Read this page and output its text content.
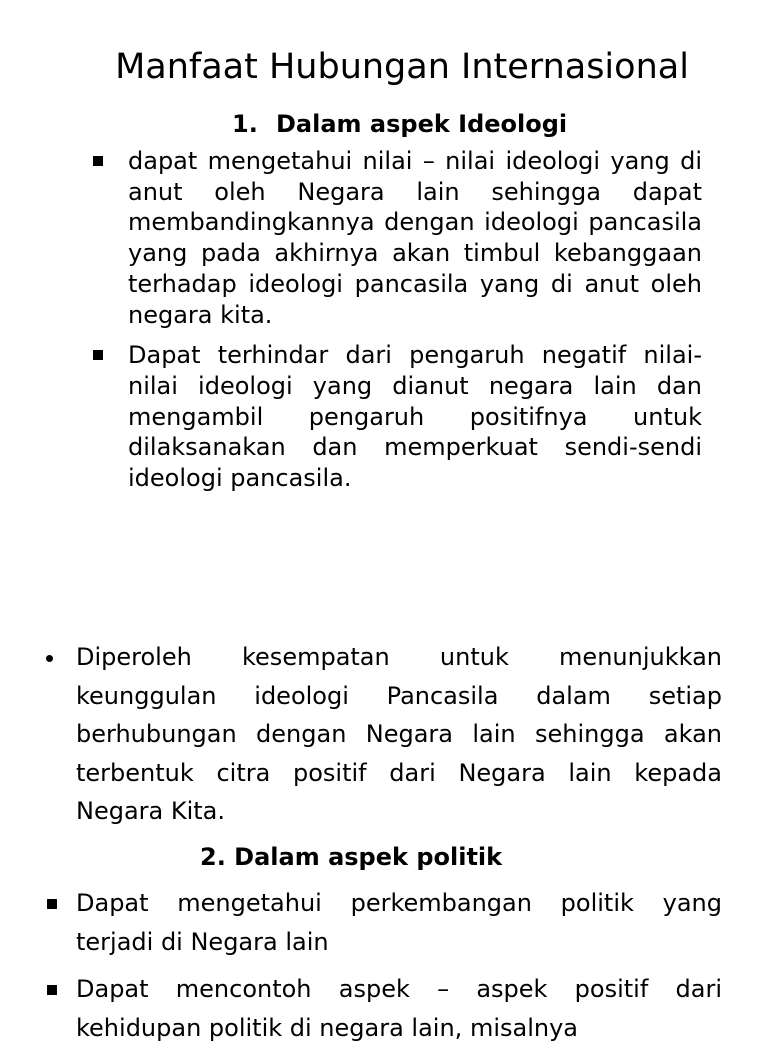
Manfaat Hubungan Internasional
1. Dalam aspek Ideologi
dapat mengetahui nilai – nilai ideologi yang di anut oleh Negara lain sehingga dapat membandingkannya dengan ideologi pancasila yang pada akhirnya akan timbul kebanggaan terhadap ideologi pancasila yang di anut oleh negara kita.
Dapat terhindar dari pengaruh negatif nilai-nilai ideologi yang dianut negara lain dan mengambil pengaruh positifnya untuk dilaksanakan dan memperkuat sendi-sendi ideologi pancasila.
Diperoleh kesempatan untuk menunjukkan keunggulan ideologi Pancasila dalam setiap berhubungan dengan Negara lain sehingga akan terbentuk citra positif dari Negara lain kepada Negara Kita.
2. Dalam aspek politik
Dapat mengetahui perkembangan politik yang terjadi di Negara lain
Dapat mencontoh aspek – aspek positif dari kehidupan politik di negara lain, misalnya
